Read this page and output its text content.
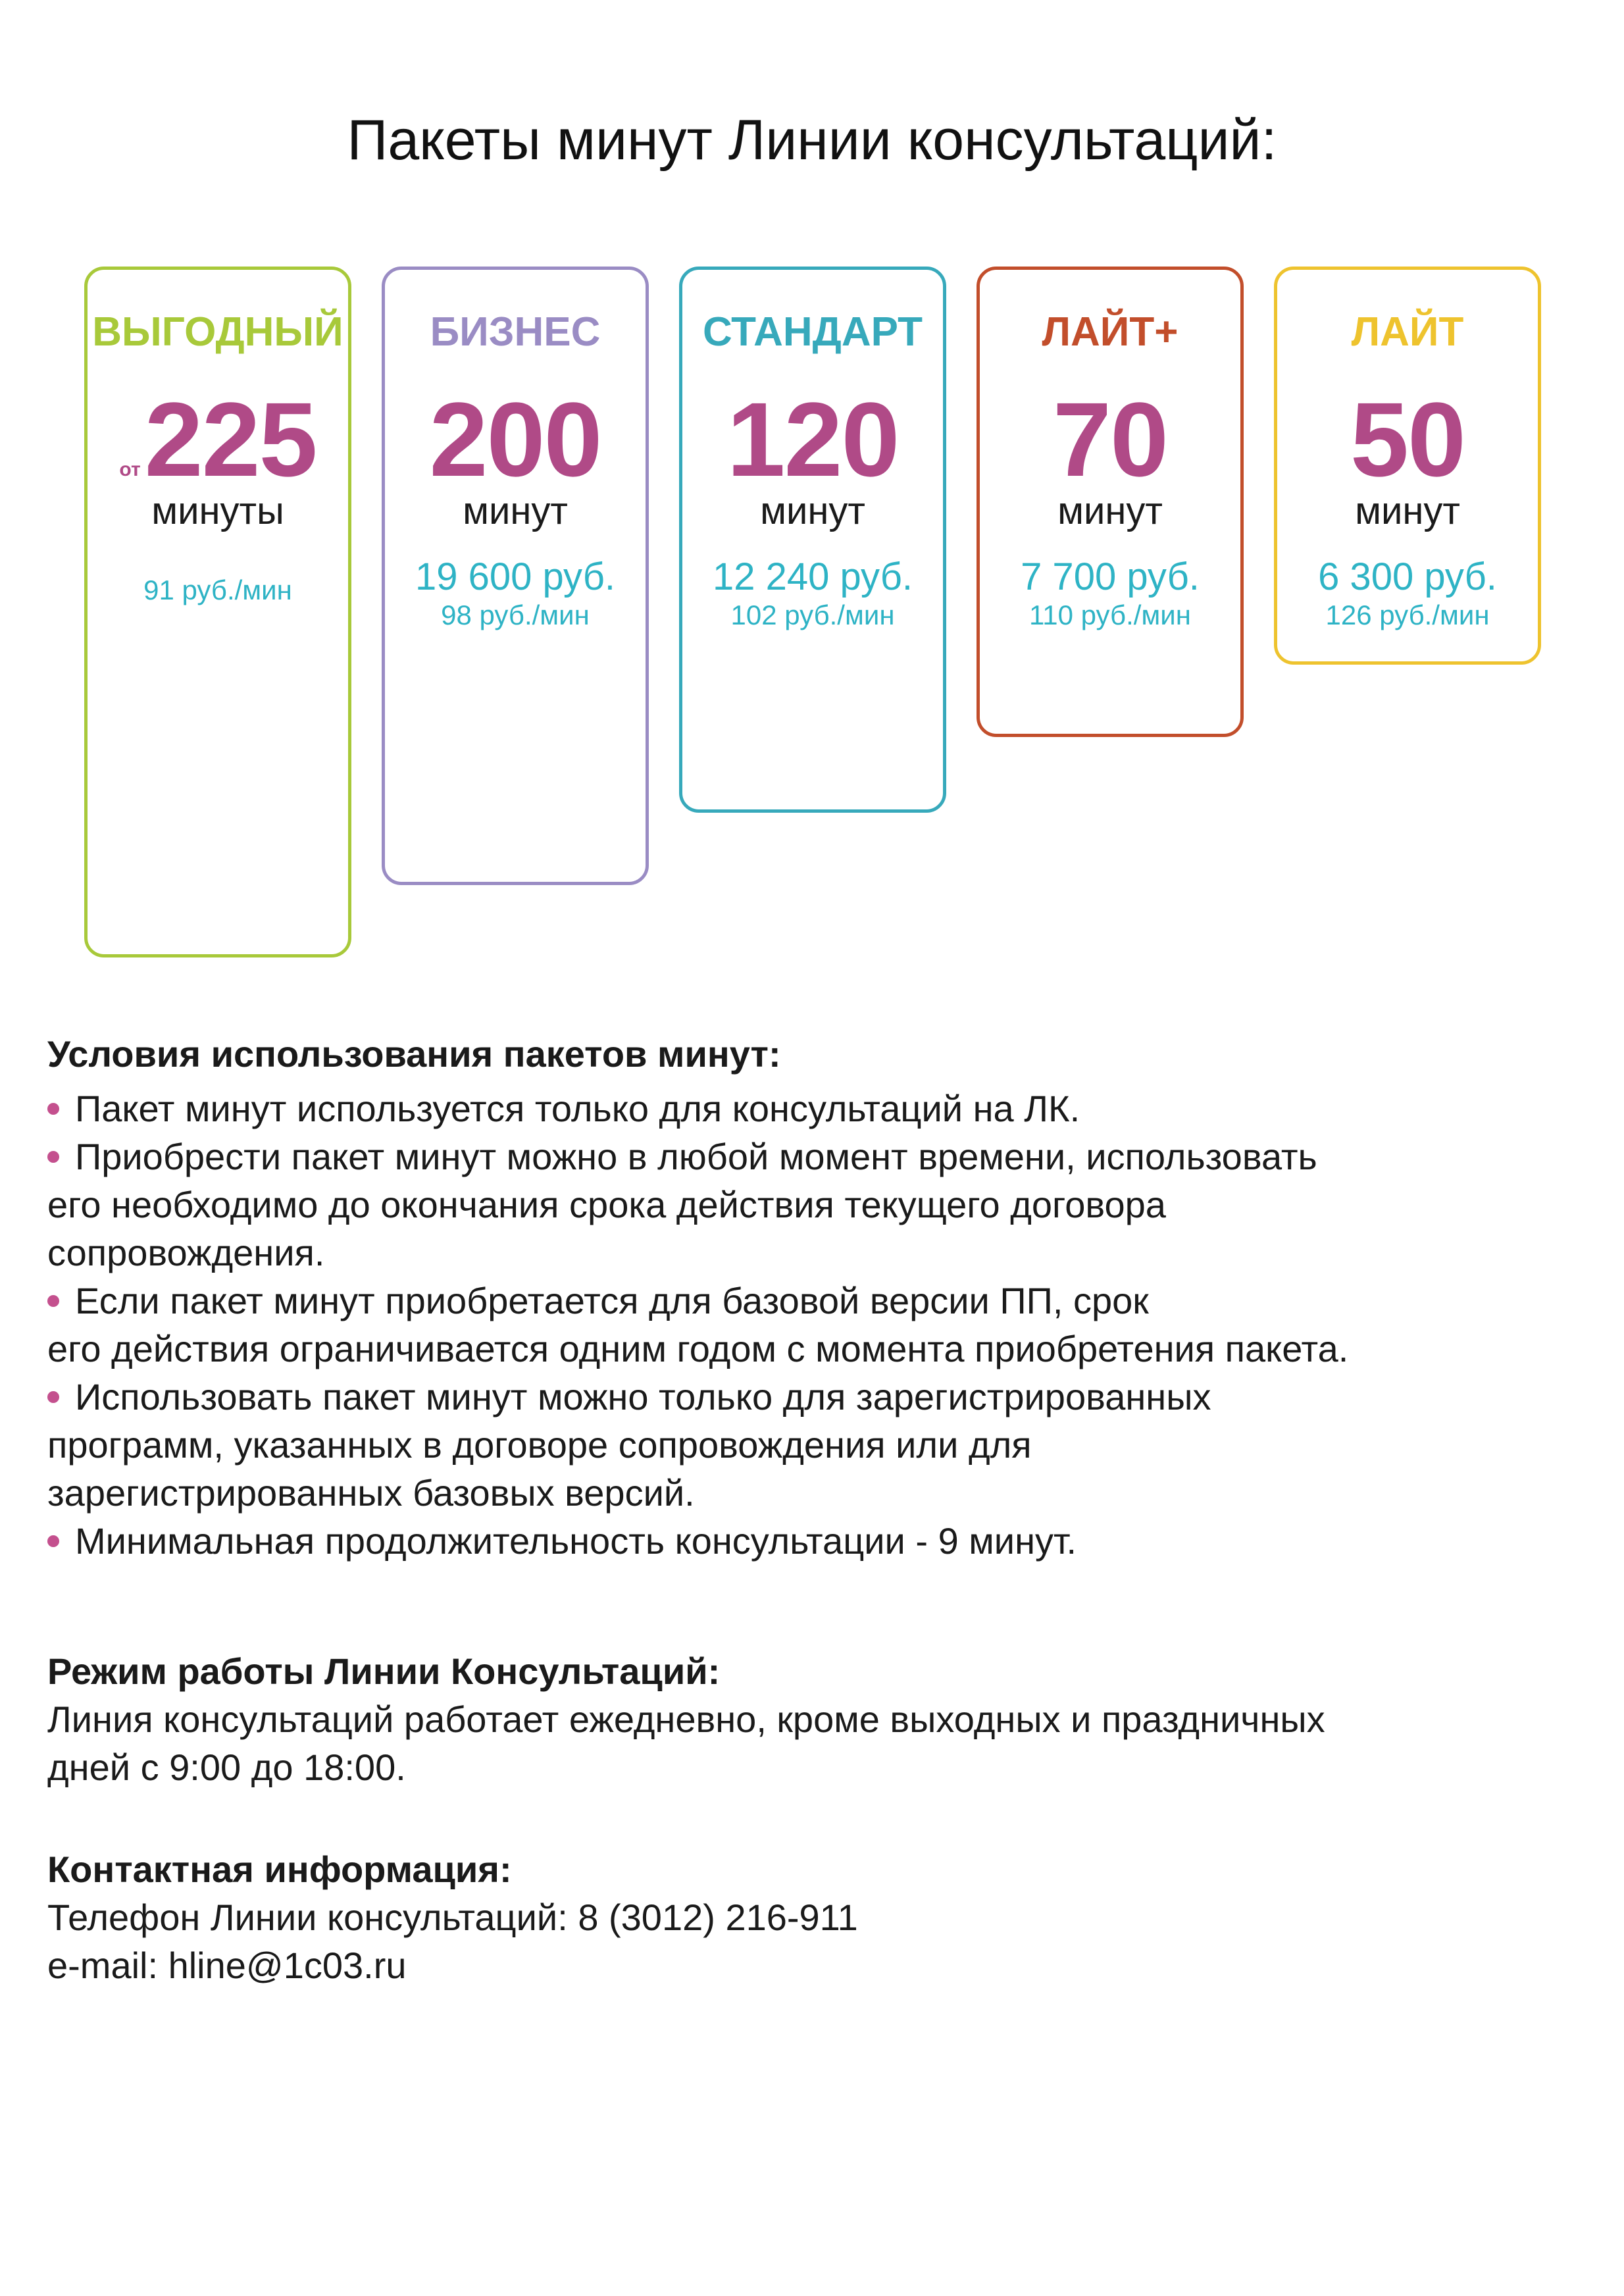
Пакеты минут Линии консультаций:
ВЫГОДНЫЙ
от225
минуты
91 руб./мин
БИЗНЕС
200
минут
19 600 руб.
98 руб./мин
СТАНДАРТ
120
минут
12 240 руб.
102 руб./мин
ЛАЙТ+
70
минут
7 700 руб.
110 руб./мин
ЛАЙТ
50
минут
6 300 руб.
126 руб./мин
Условия использования пакетов минут:
Пакет минут используется только для консультаций на ЛК.
Приобрести пакет минут можно в любой момент времени, использовать
его необходимо до окончания срока действия текущего договора
сопровождения.
Если пакет минут приобретается для базовой версии ПП, срок
его действия ограничивается одним годом с момента приобретения пакета.
Использовать пакет минут можно только для зарегистрированных
программ, указанных в договоре сопровождения или для
зарегистрированных базовых версий.
Минимальная продолжительность консультации - 9 минут.
Режим работы Линии Консультаций:
Линия консультаций работает ежедневно, кроме выходных и праздничных
дней с 9:00 до 18:00.
Контактная информация:
Телефон Линии консультаций: 8 (3012) 216-911
e-mail: hline@1c03.ru
